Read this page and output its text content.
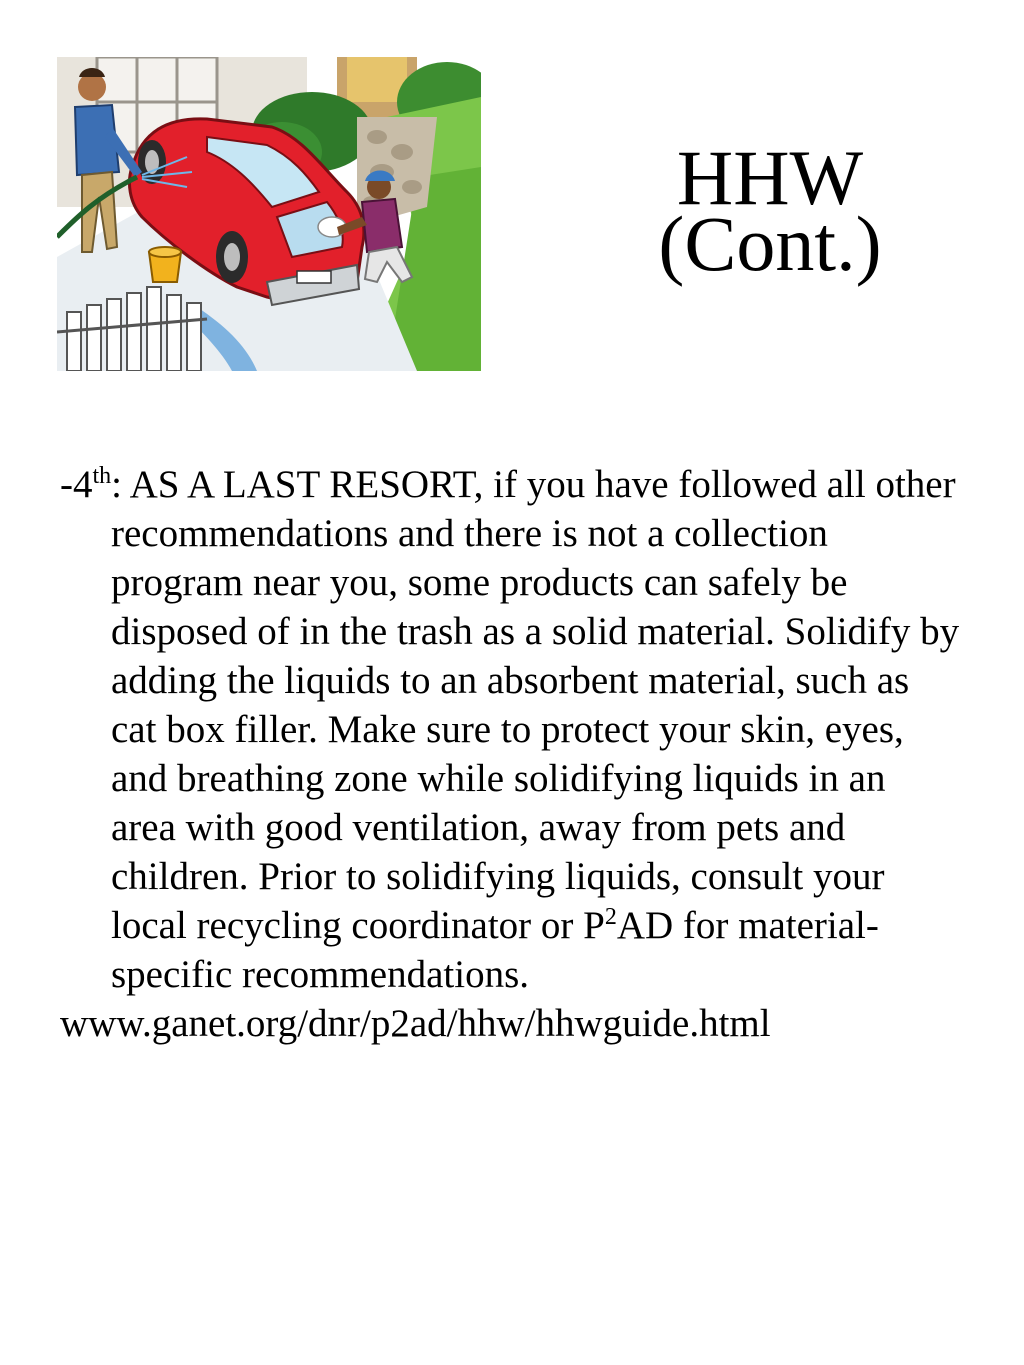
HHW
(Cont.)

-4th: AS A LAST RESORT, if you have followed all other recommendations and there is not a collection program near you, some products can safely be disposed of in the trash as a solid material. Solidify by adding the liquids to an absorbent material, such as cat box filler. Make sure to protect your skin, eyes, and breathing zone while solidifying liquids in an area with good ventilation, away from pets and children. Prior to solidifying liquids, consult your local recycling coordinator or $P^2AD$ for material-specific recommendations.

www.ganet.org/dnr/p2ad/hhw/hhwguide.html
